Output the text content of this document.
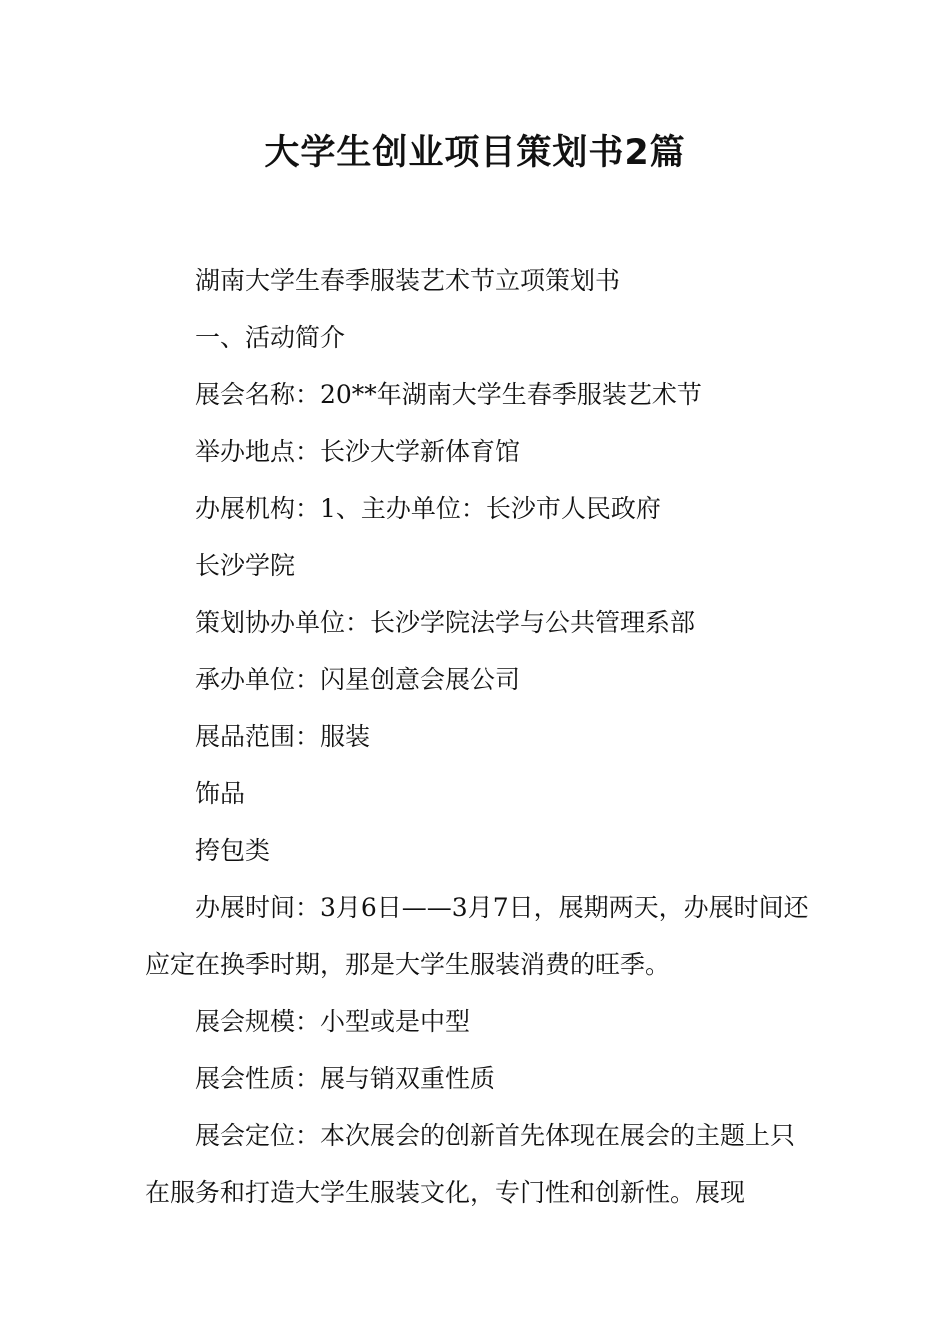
大学生创业项目策划书2篇

湖南大学生春季服装艺术节立项策划书

一、活动简介

展会名称：20**年湖南大学生春季服装艺术节

举办地点：长沙大学新体育馆

办展机构：1、主办单位：长沙市人民政府

长沙学院

策划协办单位：长沙学院法学与公共管理系部

承办单位：闪星创意会展公司

展品范围：服装

饰品

挎包类

办展时间：3月6日——3月7日，展期两天，办展时间还应定在换季时期，那是大学生服装消费的旺季。

展会规模：小型或是中型

展会性质：展与销双重性质

展会定位：本次展会的创新首先体现在展会的主题上只在服务和打造大学生服装文化，专门性和创新性。展现
